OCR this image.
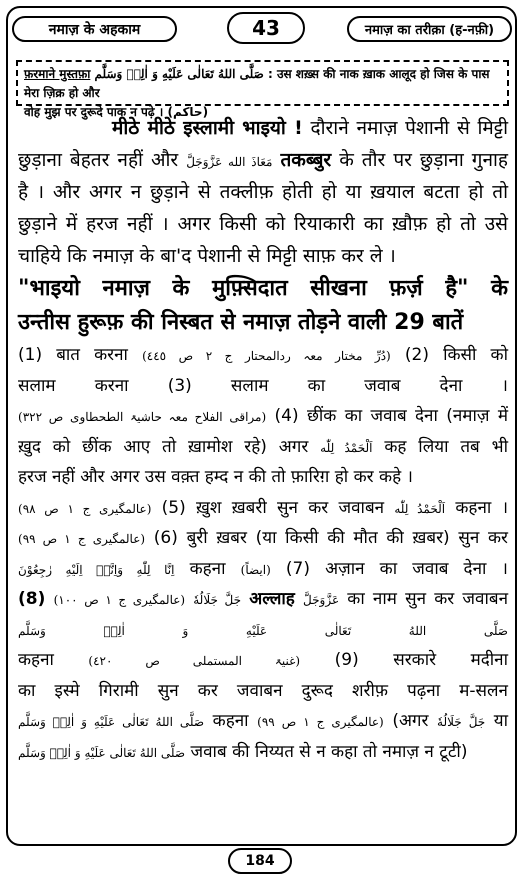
नमाज़ के अहकाम	43	नमाज़ का तरीक़ा (ह-नफ़ी)
फ़रमाने मुस्तफ़ा صَلَّى اللهُ تَعَالٰى عَلَيْهِ وَ اٰلِهٖ وَسَلَّم : उस शख़्स की नाक ख़ाक आलूद हो जिस के पास मेरा ज़िक्र हो और
वोह मुझ पर दुरूदे पाक न पढ़े । (حاکم)
मीठे मीठे इस्लामी भाइयो ! दौराने नमाज़ पेशानी से मिट्टी
छुड़ाना बेहतर नहीं और مَعَاذَ الله عَزَّوَجَلَّ तकब्बुर के तौर पर छुड़ाना गुनाह
है । और अगर न छुड़ाने से तक्लीफ़ होती हो या ख़याल बटता हो तो
छुड़ाने में हरज नहीं । अगर किसी को रियाकारी का ख़ौफ़ हो तो उसे
चाहिये कि नमाज़ के बा'द पेशानी से मिट्टी साफ़ कर ले ।
"भाइयो नमाज़ के मुफ़्सिदात सीखना फ़र्ज़ है" के
उन्तीस हुरूफ़ की निस्बत से नमाज़ तोड़ने वाली 29 बातें
(1) बात करना (دُرِّ مختار معہ ردالمحتار ج ۲ ص ٤٤٥) (2) किसी को
सलाम करना (3) सलाम का जवाब देना ।
(مراقی الفلاح معہ حاشیۃ الطحطاوی ص ۳۲۲) (4) छींक का जवाब देना (नमाज़ में
ख़ुद को छींक आए तो ख़ामोश रहे) अगर اَلْحَمْدُ لِلّٰه कह लिया तब भी
हरज नहीं और अगर उस वक़्त हम्द न की तो फ़ारिग़ हो कर कहे ।
(عالمگیری ج ۱ ص ۹۸) (5) ख़ुश ख़बरी सुन कर जवाबन اَلْحَمْدُ لِلّٰه कहना ।
(عالمگیری ج ۱ ص ۹۹) (6) बुरी ख़बर (या किसी की मौत की ख़बर) सुन कर
اِنَّا لِلّٰهِ وَاِنَّاۤ اِلَيْهِ رٰجِعُوْنَ कहना (ایضاً) (7) अज़ान का जवाब देना ।
جَلَّ جَلَالُهٗ (عالمگیری ج ۱ ص ۱۰۰) (8)	अल्लाह عَزَّوَجَلَّ का नाम सुन कर जवाबन
صَلَّى اللهُ تَعَالٰى عَلَيْهِ وَ اٰلِهٖ وَسَلَّم
कहना	(غنیۃ المستملی ص ٤٢٠) (9) सरकारे मदीना
का इस्मे गिरामी सुन कर जवाबन दुरूद शरीफ़ पढ़ना म-सलन
صَلَّى اللهُ تَعَالٰى عَلَيْهِ وَ اٰلِهٖ وَسَلَّم कहना (عالمگیری ج ۱ ص ۹۹) (अगर جَلَّ جَلَالُهٗ या
صَلَّى اللهُ تَعَالٰى عَلَيْهِ وَ اٰلِهٖ وَسَلَّم जवाब की निय्यत से न कहा तो नमाज़ न टूटी)
184
